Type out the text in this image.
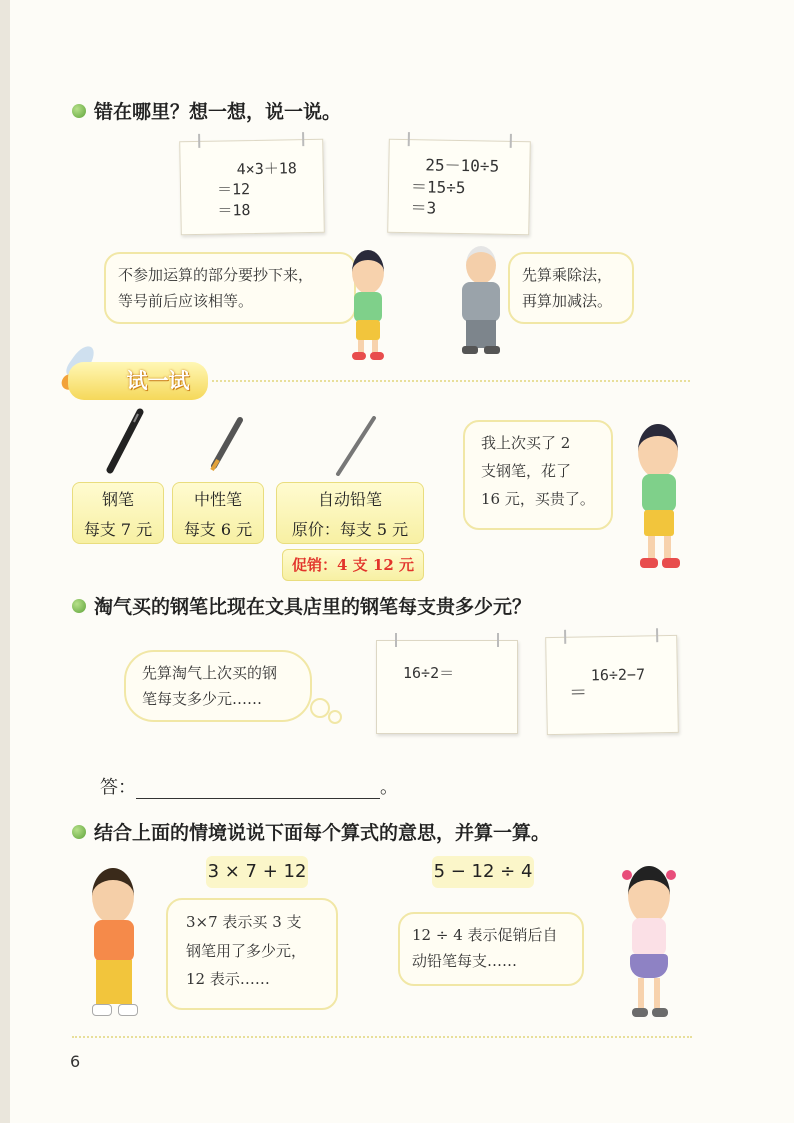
错在哪里？想一想，说一说。
4×3＋18
＝12
＝18
25－10÷5
＝15÷5
＝3
不参加运算的部分要抄下来，
等号前后应该相等。
先算乘除法，
再算加减法。
试一试
钢笔
每支 7 元
中性笔
每支 6 元
自动铅笔
原价：每支 5 元
促销：4 支 12 元
我上次买了 2
支钢笔，花了
16 元，买贵了。
淘气买的钢笔比现在文具店里的钢笔每支贵多少元？
先算淘气上次买的钢
笔每支多少元……
16÷2＝	16÷2−7
＝
答：	。
结合上面的情境说说下面每个算式的意思，并算一算。
3 × 7 + 12	5 − 12 ÷ 4
3×7 表示买 3 支
钢笔用了多少元，
12 表示……
12 ÷ 4 表示促销后自
动铅笔每支……
6
